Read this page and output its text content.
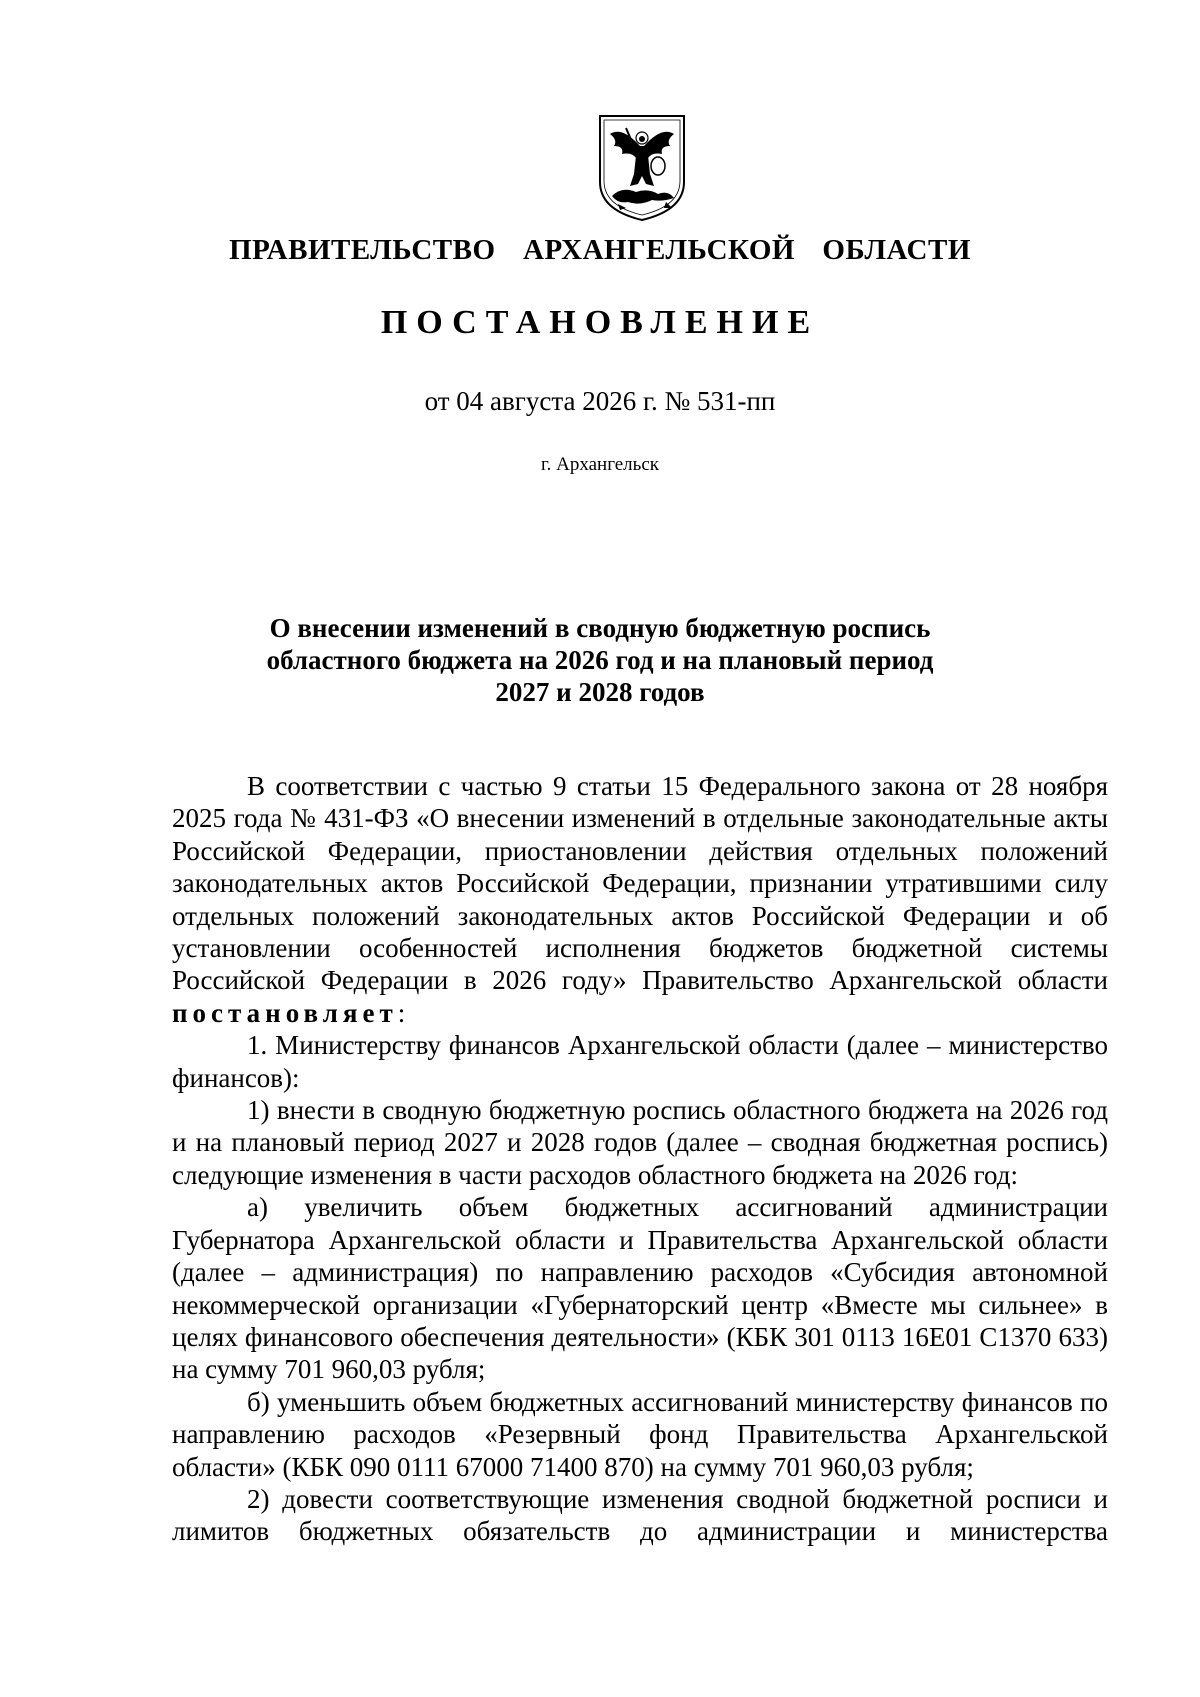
ПРАВИТЕЛЬСТВО  АРХАНГЕЛЬСКОЙ  ОБЛАСТИ
ПОСТАНОВЛЕНИЕ
от 04 августа 2026 г. № 531-пп
г. Архангельск
О внесении изменений в сводную бюджетную роспись
областного бюджета на 2026 год и на плановый период
2027 и 2028 годов

В соответствии с частью 9 статьи 15 Федерального закона от 28 ноября 2025 года № 431-ФЗ «О внесении изменений в отдельные законодательные акты Российской Федерации, приостановлении действия отдельных положений законодательных актов Российской Федерации, признании утратившими силу отдельных положений законодательных актов Российской Федерации и об установлении особенностей исполнения бюджетов бюджетной системы Российской Федерации в 2026 году» Правительство Архангельской области постановляет:

1. Министерству финансов Архангельской области (далее – министерство финансов):

1) внести в сводную бюджетную роспись областного бюджета на 2026 год и на плановый период 2027 и 2028 годов (далее – сводная бюджетная роспись) следующие изменения в части расходов областного бюджета на 2026 год:

а) увеличить объем бюджетных ассигнований администрации Губернатора Архангельской области и Правительства Архангельской области (далее – администрация) по направлению расходов «Субсидия автономной некоммерческой организации «Губернаторский центр «Вместе мы сильнее» в целях финансового обеспечения деятельности» (КБК 301 0113 16Е01 С1370 633) на сумму 701 960,03 рубля;

б) уменьшить объем бюджетных ассигнований министерству финансов по направлению расходов «Резервный фонд Правительства Архангельской области» (КБК 090 0111 67000 71400 870) на сумму 701 960,03 рубля;

2) довести соответствующие изменения сводной бюджетной росписи и лимитов бюджетных обязательств до администрации и министерства
